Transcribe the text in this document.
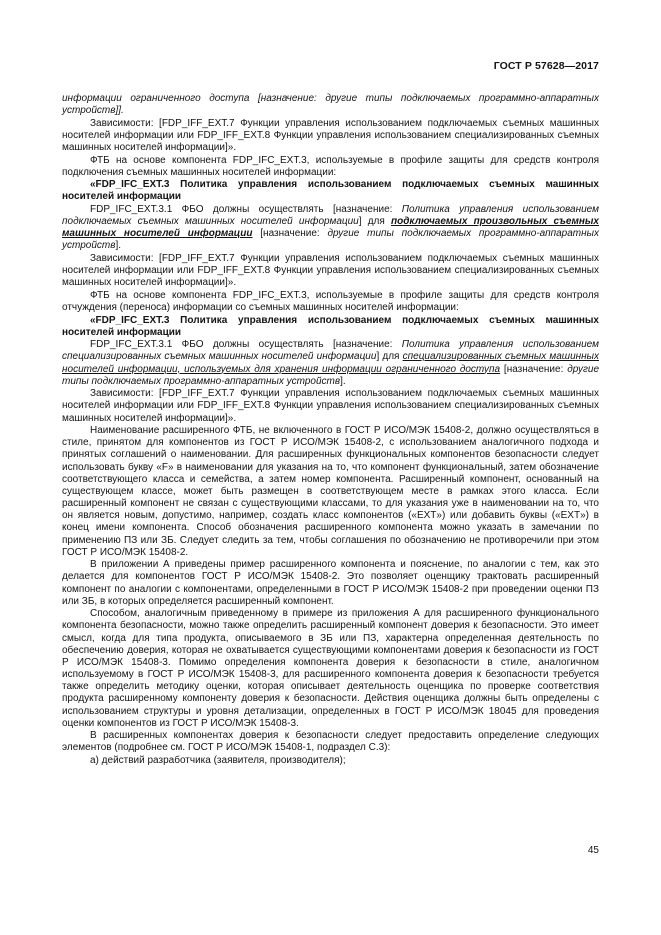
ГОСТ Р 57628—2017

информации ограниченного доступа [назначение: другие типы подключаемых программно-аппаратных устройств]].

Зависимости: [FDP_IFF_EXT.7 Функции управления использованием подключаемых съемных машинных носителей информации или FDP_IFF_EXT.8 Функции управления использованием специализированных съемных машинных носителей информации]».

ФТБ на основе компонента FDP_IFC_EXT.3, используемые в профиле защиты для средств контроля подключения съемных машинных носителей информации:

«FDP_IFC_EXT.3 Политика управления использованием подключаемых съемных машинных носителей информации

FDP_IFC_EXT.3.1 ФБО должны осуществлять [назначение: Политика управления использованием подключаемых съемных машинных носителей информации] для подключаемых произвольных съемных машинных носителей информации [назначение: другие типы подключаемых программно-аппаратных устройств].

Зависимости: [FDP_IFF_EXT.7 Функции управления использованием подключаемых съемных машинных носителей информации или FDP_IFF_EXT.8 Функции управления использованием специализированных съемных машинных носителей информации]».

ФТБ на основе компонента FDP_IFC_EXT.3, используемые в профиле защиты для средств контроля отчуждения (переноса) информации со съемных машинных носителей информации:

«FDP_IFC_EXT.3 Политика управления использованием подключаемых съемных машинных носителей информации

FDP_IFC_EXT.3.1 ФБО должны осуществлять [назначение: Политика управления использованием специализированных съемных машинных носителей информации] для специализированных съемных машинных носителей информации, используемых для хранения информации ограниченного доступа [назначение: другие типы подключаемых программно-аппаратных устройств].

Зависимости: [FDP_IFF_EXT.7 Функции управления использованием подключаемых съемных машинных носителей информации или FDP_IFF_EXT.8 Функции управления использованием специализированных съемных машинных носителей информации]».

Наименование расширенного ФТБ, не включенного в ГОСТ Р ИСО/МЭК 15408-2, должно осуществляться в стиле, принятом для компонентов из ГОСТ Р ИСО/МЭК 15408-2, с использованием аналогичного подхода и принятых соглашений о наименовании. Для расширенных функциональных компонентов безопасности следует использовать букву «F» в наименовании для указания на то, что компонент функциональный, затем обозначение соответствующего класса и семейства, а затем номер компонента. Расширенный компонент, основанный на существующем классе, может быть размещен в соответствующем месте в рамках этого класса. Если расширенный компонент не связан с существующими классами, то для указания уже в наименовании на то, что он является новым, допустимо, например, создать класс компонентов («EXT») или добавить буквы («EXT») в конец имени компонента. Способ обозначения расширенного компонента можно указать в замечании по применению ПЗ или ЗБ. Следует следить за тем, чтобы соглашения по обозначению не противоречили при этом ГОСТ Р ИСО/МЭК 15408-2.

В приложении А приведены пример расширенного компонента и пояснение, по аналогии с тем, как это делается для компонентов ГОСТ Р ИСО/МЭК 15408-2. Это позволяет оценщику трактовать расширенный компонент по аналогии с компонентами, определенными в ГОСТ Р ИСО/МЭК 15408-2 при проведении оценки ПЗ или ЗБ, в которых определяется расширенный компонент.

Способом, аналогичным приведенному в примере из приложения А для расширенного функционального компонента безопасности, можно также определить расширенный компонент доверия к безопасности. Это имеет смысл, когда для типа продукта, описываемого в ЗБ или ПЗ, характерна определенная деятельность по обеспечению доверия, которая не охватывается существующими компонентами доверия к безопасности из ГОСТ Р ИСО/МЭК 15408-3. Помимо определения компонента доверия к безопасности в стиле, аналогичном используемому в ГОСТ Р ИСО/МЭК 15408-3, для расширенного компонента доверия к безопасности требуется также определить методику оценки, которая описывает деятельность оценщика по проверке соответствия продукта расширенному компоненту доверия к безопасности. Действия оценщика должны быть определены с использованием структуры и уровня детализации, определенных в ГОСТ Р ИСО/МЭК 18045 для проведения оценки компонентов из ГОСТ Р ИСО/МЭК 15408-3.

В расширенных компонентах доверия к безопасности следует предоставить определение следующих элементов (подробнее см. ГОСТ Р ИСО/МЭК 15408-1, подраздел С.3):

а) действий разработчика (заявителя, производителя);

45
